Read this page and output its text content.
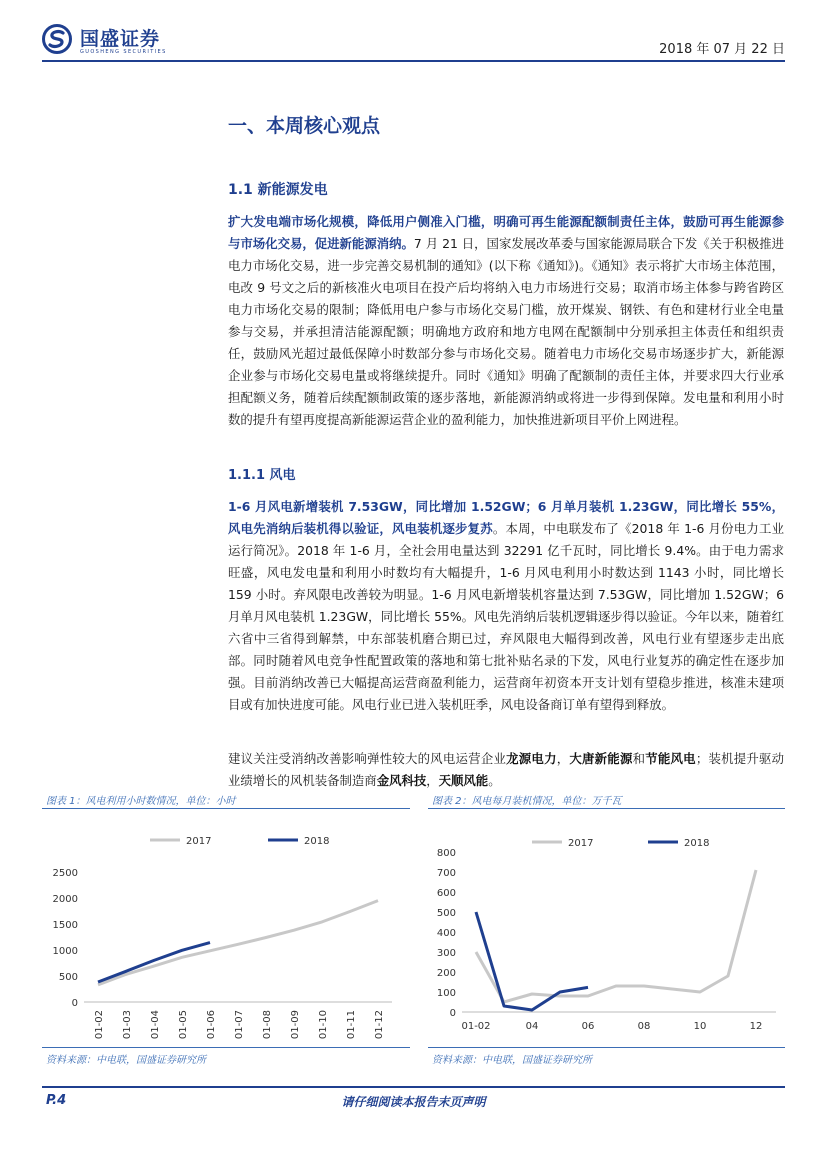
国盛证券
GUOSHENG SECURITIES	2018 年 07 月 22 日
一、本周核心观点
1.1 新能源发电
扩大发电端市场化规模，降低用户侧准入门槛，明确可再生能源配额制责任主体，鼓励可再生能源参与市场化交易，促进新能源消纳。7 月 21 日，国家发展改革委与国家能源局联合下发《关于积极推进电力市场化交易，进一步完善交易机制的通知》(以下称《通知》)。《通知》表示将扩大市场主体范围，电改 9 号文之后的新核准火电项目在投产后均将纳入电力市场进行交易；取消市场主体参与跨省跨区电力市场化交易的限制；降低用电户参与市场化交易门槛，放开煤炭、钢铁、有色和建材行业全电量参与交易，并承担清洁能源配额；明确地方政府和地方电网在配额制中分别承担主体责任和组织责任，鼓励风光超过最低保障小时数部分参与市场化交易。随着电力市场化交易市场逐步扩大，新能源企业参与市场化交易电量或将继续提升。同时《通知》明确了配额制的责任主体，并要求四大行业承担配额义务，随着后续配额制政策的逐步落地，新能源消纳或将进一步得到保障。发电量和利用小时数的提升有望再度提高新能源运营企业的盈利能力，加快推进新项目平价上网进程。
1.1.1 风电
1-6 月风电新增装机 7.53GW，同比增加 1.52GW；6 月单月装机 1.23GW，同比增长 55%，风电先消纳后装机得以验证，风电装机逐步复苏。本周，中电联发布了《2018 年 1-6 月份电力工业运行简况》。2018 年 1-6 月，全社会用电量达到 32291 亿千瓦时，同比增长 9.4%。由于电力需求旺盛，风电发电量和利用小时数均有大幅提升，1-6 月风电利用小时数达到 1143 小时，同比增长 159 小时。弃风限电改善较为明显。1-6 月风电新增装机容量达到 7.53GW，同比增加 1.52GW；6 月单月风电装机 1.23GW，同比增长 55%。风电先消纳后装机逻辑逐步得以验证。今年以来，随着红六省中三省得到解禁，中东部装机磨合期已过，弃风限电大幅得到改善，风电行业有望逐步走出底部。同时随着风电竞争性配置政策的落地和第七批补贴名录的下发，风电行业复苏的确定性在逐步加强。目前消纳改善已大幅提高运营商盈利能力，运营商年初资本开支计划有望稳步推进，核准未建项目或有加快进度可能。风电行业已进入装机旺季，风电设备商订单有望得到释放。
建议关注受消纳改善影响弹性较大的风电运营企业龙源电力，大唐新能源和节能风电；装机提升驱动业绩增长的风机装备制造商金风科技，天顺风能。
图表 1：风电利用小时数情况，单位：小时
2017	2018
0
500
1000
1500
2000
2500
01-02 01-03 01-04 01-05 01-06 01-07 01-08 01-09 01-10 01-11 01-12
资料来源：中电联，国盛证券研究所
图表 2：风电每月装机情况，单位：万千瓦
2017	2018
0
100
200
300
400
500
600
700
800
01-02	04	06	08	10	12
资料来源：中电联，国盛证券研究所
P.4	请仔细阅读本报告末页声明
